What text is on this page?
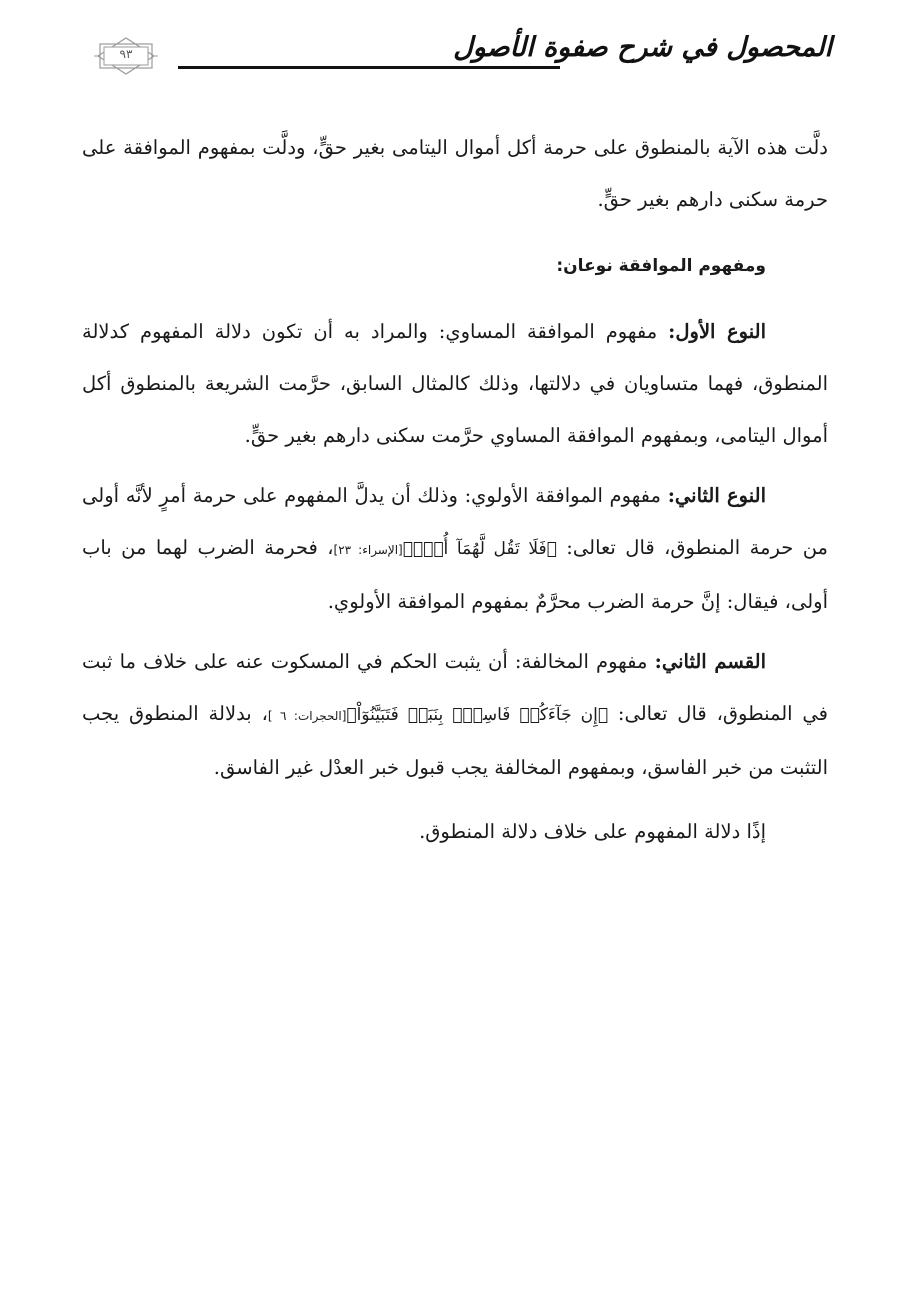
المحصول في شرح صفوة الأصول
٩٣

دلَّت هذه الآية بالمنطوق على حرمة أكل أموال اليتامى بغير حقٍّ، ودلَّت بمفهوم الموافقة على حرمة سكنى دارهم بغير حقٍّ.

ومفهوم الموافقة نوعان:

النوع الأول: مفهوم الموافقة المساوي: والمراد به أن تكون دلالة المفهوم كدلالة المنطوق، فهما متساويان في دلالتها، وذلك كالمثال السابق، حرَّمت الشريعة بالمنطوق أكل أموال اليتامى، وبمفهوم الموافقة المساوي حرَّمت سكنى دارهم بغير حقٍّ.

النوع الثاني: مفهوم الموافقة الأولوي: وذلك أن يدلَّ المفهوم على حرمة أمرٍ لأنَّه أولى من حرمة المنطوق، قال تعالى: ﴿فَلَا تَقُل لَّهُمَآ أُفّٖ﴾[الإسراء: ٢٣]، فحرمة الضرب لهما من باب أولى، فيقال: إنَّ حرمة الضرب محرَّمٌ بمفهوم الموافقة الأولوي.

القسم الثاني: مفهوم المخالفة: أن يثبت الحكم في المسكوت عنه على خلاف ما ثبت في المنطوق، قال تعالى: ﴿إِن جَآءَكُمۡ فَاسِقُۢ بِنَبَإٖ فَتَبَيَّنُوٓاْ﴾[الحجرات: ٦ ]، بدلالة المنطوق يجب التثبت من خبر الفاسق، وبمفهوم المخالفة يجب قبول خبر العدْل غير الفاسق.

إذًا دلالة المفهوم على خلاف دلالة المنطوق.
